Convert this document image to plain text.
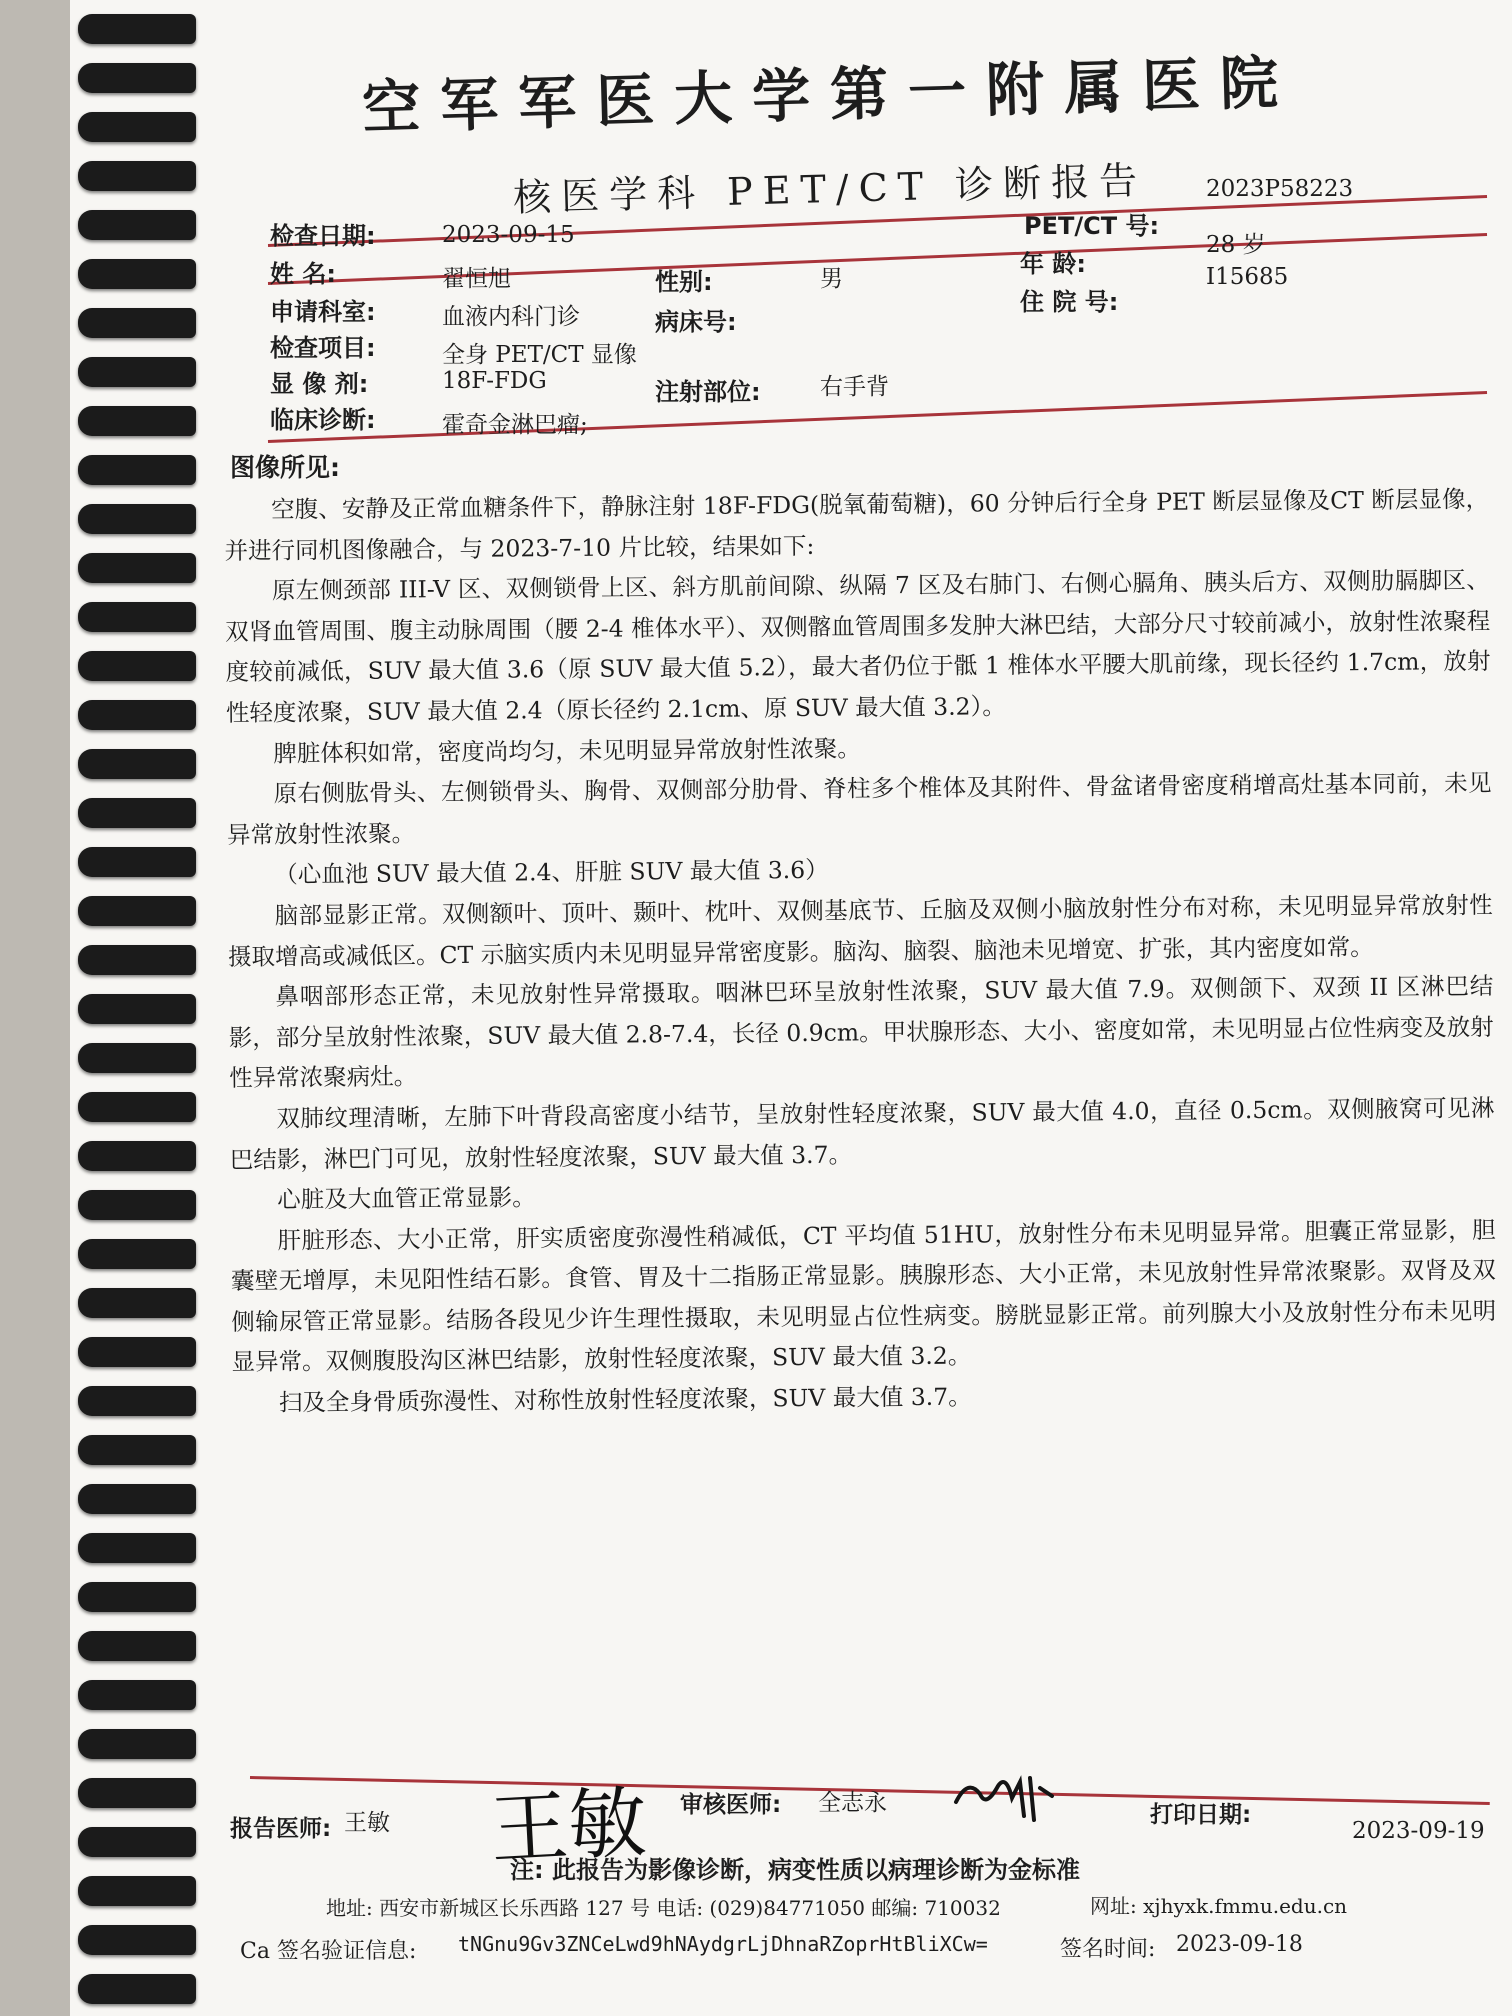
空军军医大学第一附属医院
核医学科 PET/CT 诊断报告
检查日期:	2023-09-15	PET/CT 号:
2023P58223
姓 名:	翟恒旭	性别:	男
年 龄:
28 岁
申请科室:	血液内科门诊	病床号:
住 院 号:
I15685
检查项目:	全身 PET/CT 显像
显 像 剂:	18F-FDG	注射部位:	右手背
临床诊断:	霍奇金淋巴瘤;
图像所见:

空腹、安静及正常血糖条件下，静脉注射 18F-FDG(脱氧葡萄糖)，60 分钟后行全身 PET 断层显像及CT 断层显像，并进行同机图像融合，与 2023-7-10 片比较，结果如下:

原左侧颈部 III-V 区、双侧锁骨上区、斜方肌前间隙、纵隔 7 区及右肺门、右侧心膈角、胰头后方、双侧肋膈脚区、双肾血管周围、腹主动脉周围（腰 2-4 椎体水平）、双侧髂血管周围多发肿大淋巴结，大部分尺寸较前减小，放射性浓聚程度较前减低，SUV 最大值 3.6（原 SUV 最大值 5.2），最大者仍位于骶 1 椎体水平腰大肌前缘，现长径约 1.7cm，放射性轻度浓聚，SUV 最大值 2.4（原长径约 2.1cm、原 SUV 最大值 3.2）。

脾脏体积如常，密度尚均匀，未见明显异常放射性浓聚。

原右侧肱骨头、左侧锁骨头、胸骨、双侧部分肋骨、脊柱多个椎体及其附件、骨盆诸骨密度稍增高灶基本同前，未见异常放射性浓聚。

（心血池 SUV 最大值 2.4、肝脏 SUV 最大值 3.6）

脑部显影正常。双侧额叶、顶叶、颞叶、枕叶、双侧基底节、丘脑及双侧小脑放射性分布对称，未见明显异常放射性摄取增高或减低区。CT 示脑实质内未见明显异常密度影。脑沟、脑裂、脑池未见增宽、扩张，其内密度如常。

鼻咽部形态正常，未见放射性异常摄取。咽淋巴环呈放射性浓聚，SUV 最大值 7.9。双侧颌下、双颈 II 区淋巴结影，部分呈放射性浓聚，SUV 最大值 2.8-7.4，长径 0.9cm。甲状腺形态、大小、密度如常，未见明显占位性病变及放射性异常浓聚病灶。

双肺纹理清晰，左肺下叶背段高密度小结节，呈放射性轻度浓聚，SUV 最大值 4.0，直径 0.5cm。双侧腋窝可见淋巴结影，淋巴门可见，放射性轻度浓聚，SUV 最大值 3.7。

心脏及大血管正常显影。

肝脏形态、大小正常，肝实质密度弥漫性稍减低，CT 平均值 51HU，放射性分布未见明显异常。胆囊正常显影，胆囊壁无增厚，未见阳性结石影。食管、胃及十二指肠正常显影。胰腺形态、大小正常，未见放射性异常浓聚影。双肾及双侧输尿管正常显影。结肠各段见少许生理性摄取，未见明显占位性病变。膀胱显影正常。前列腺大小及放射性分布未见明显异常。双侧腹股沟区淋巴结影，放射性轻度浓聚，SUV 最大值 3.2。

扫及全身骨质弥漫性、对称性放射性轻度浓聚，SUV 最大值 3.7。

报告医师: 王敏 王敏 审核医师: 全志永	打印日期:
2023-09-19
注: 此报告为影像诊断，病变性质以病理诊断为金标准
地址: 西安市新城区长乐西路 127 号 电话: (029)84771050 邮编: 710032	网址: xjhyxk.fmmu.edu.cn
Ca 签名验证信息: tNGnu9Gv3ZNCeLwd9hNAydgrLjDhnaRZoprHtBliXCw=	签名时间: 2023-09-18
